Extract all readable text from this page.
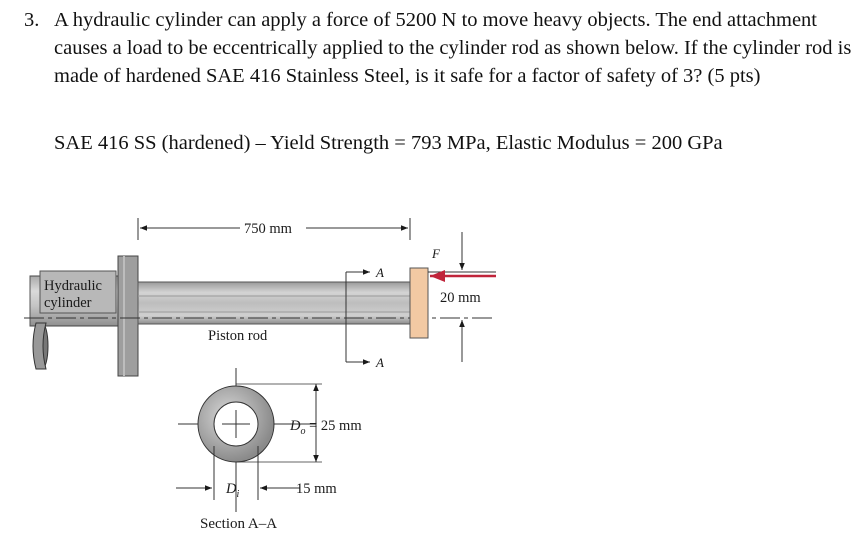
3. A hydraulic cylinder can apply a force of 5200 N to move heavy objects. The end attachment causes a load to be eccentrically applied to the cylinder rod as shown below. If the cylinder rod is made of hardened SAE 416 Stainless Steel, is it safe for a factor of safety of 3? (5 pts)
SAE 416 SS (hardened) – Yield Strength = 793 MPa, Elastic Modulus = 200 GPa
Hydraulic
cylinder
Piston rod
A
A
750 mm
F
20 mm
$D_o = 25$ mm
$D_i$	15 mm
Section A–A
